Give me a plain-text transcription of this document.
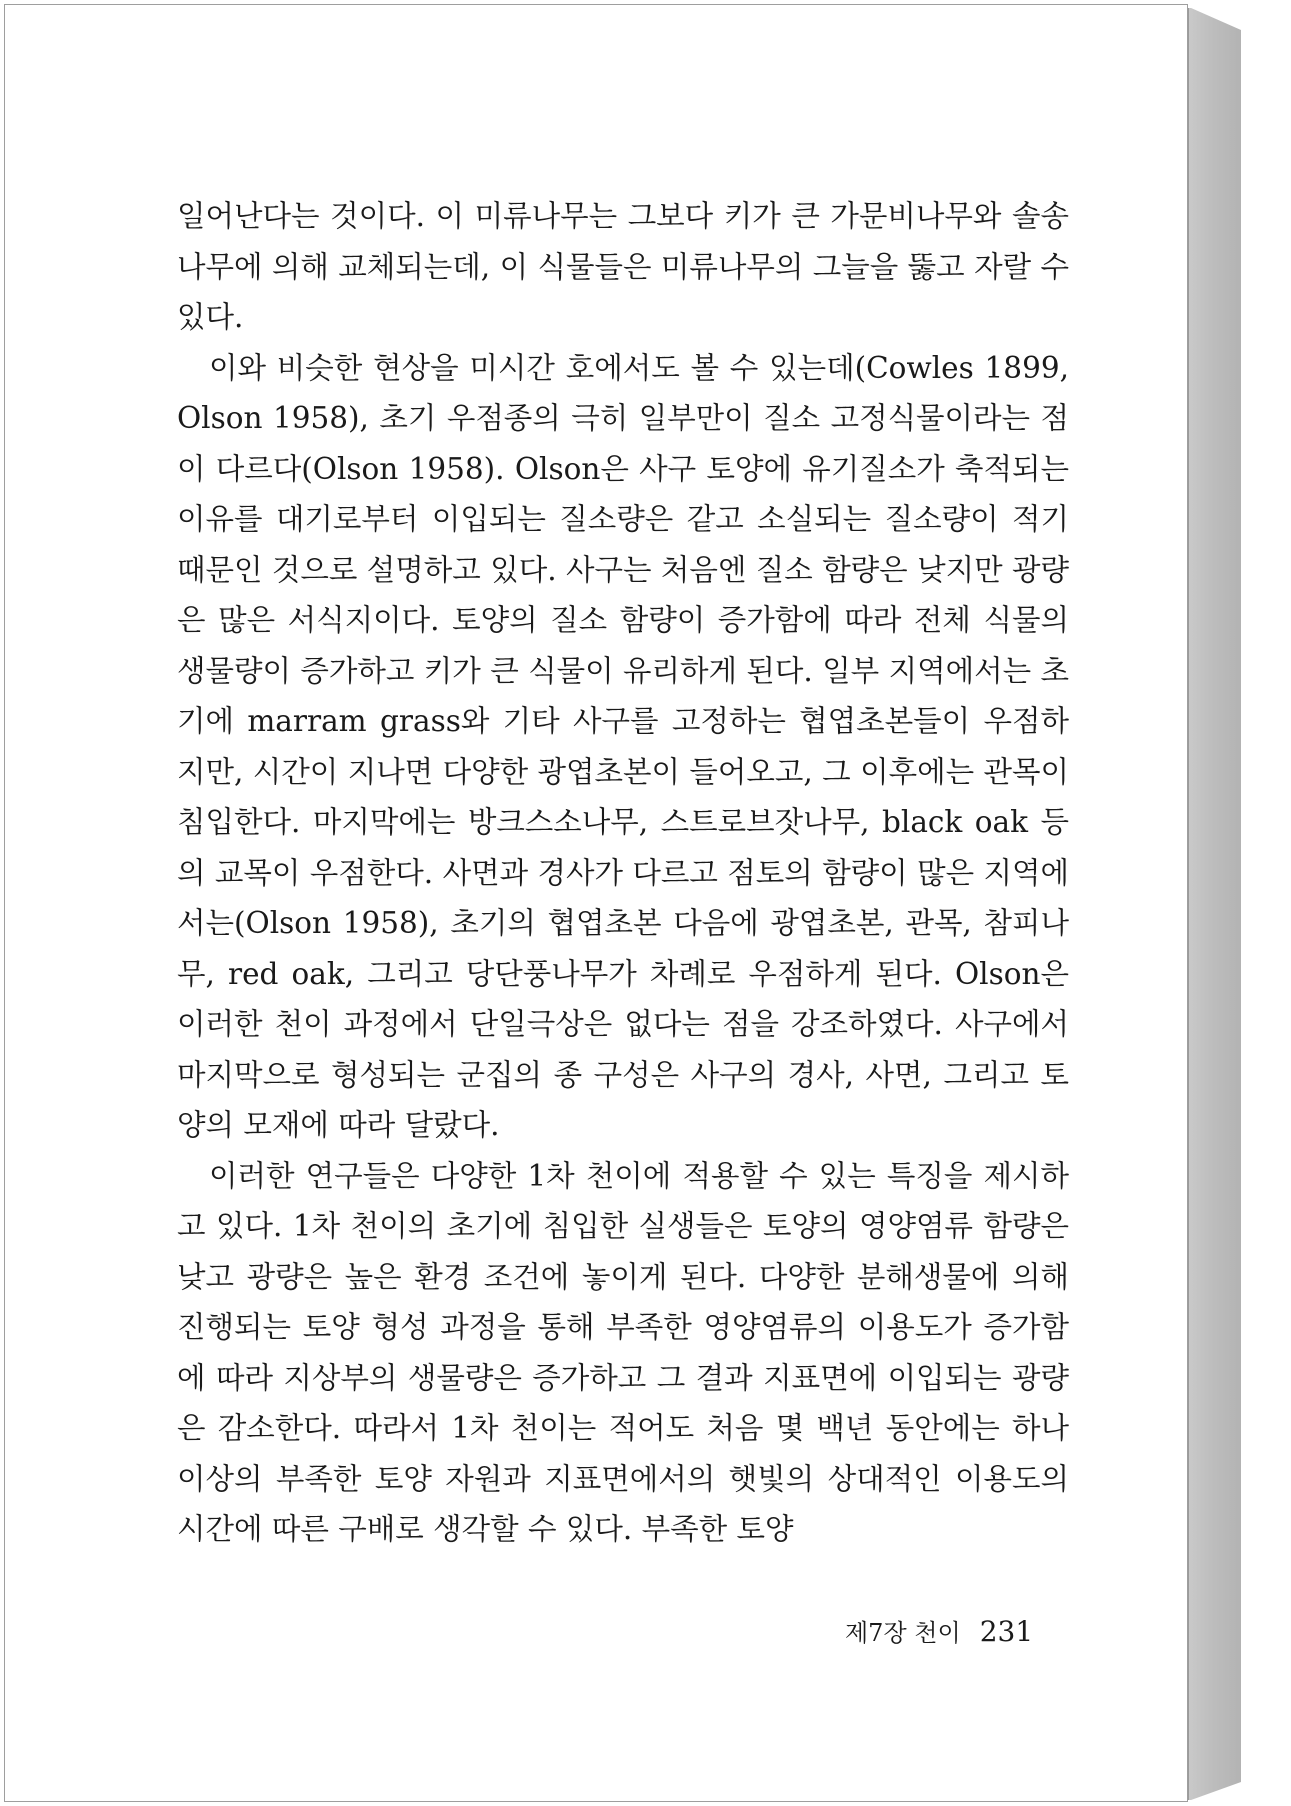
일어난다는 것이다. 이 미류나무는 그보다 키가 큰 가문비나무와 솔송나무에 의해 교체되는데, 이 식물들은 미류나무의 그늘을 뚫고 자랄 수 있다.

이와 비슷한 현상을 미시간 호에서도 볼 수 있는데(Cowles 1899, Olson 1958), 초기 우점종의 극히 일부만이 질소 고정식물이라는 점이 다르다(Olson 1958). Olson은 사구 토양에 유기질소가 축적되는 이유를 대기로부터 이입되는 질소량은 같고 소실되는 질소량이 적기 때문인 것으로 설명하고 있다. 사구는 처음엔 질소 함량은 낮지만 광량은 많은 서식지이다. 토양의 질소 함량이 증가함에 따라 전체 식물의 생물량이 증가하고 키가 큰 식물이 유리하게 된다. 일부 지역에서는 초기에 marram grass와 기타 사구를 고정하는 협엽초본들이 우점하지만, 시간이 지나면 다양한 광엽초본이 들어오고, 그 이후에는 관목이 침입한다. 마지막에는 방크스소나무, 스트로브잣나무, black oak 등의 교목이 우점한다. 사면과 경사가 다르고 점토의 함량이 많은 지역에서는(Olson 1958), 초기의 협엽초본 다음에 광엽초본, 관목, 참피나무, red oak, 그리고 당단풍나무가 차례로 우점하게 된다. Olson은 이러한 천이 과정에서 단일극상은 없다는 점을 강조하였다. 사구에서 마지막으로 형성되는 군집의 종 구성은 사구의 경사, 사면, 그리고 토양의 모재에 따라 달랐다.

이러한 연구들은 다양한 1차 천이에 적용할 수 있는 특징을 제시하고 있다. 1차 천이의 초기에 침입한 실생들은 토양의 영양염류 함량은 낮고 광량은 높은 환경 조건에 놓이게 된다. 다양한 분해생물에 의해 진행되는 토양 형성 과정을 통해 부족한 영양염류의 이용도가 증가함에 따라 지상부의 생물량은 증가하고 그 결과 지표면에 이입되는 광량은 감소한다. 따라서 1차 천이는 적어도 처음 몇 백년 동안에는 하나 이상의 부족한 토양 자원과 지표면에서의 햇빛의 상대적인 이용도의 시간에 따른 구배로 생각할 수 있다. 부족한 토양

제7장 천이 231
